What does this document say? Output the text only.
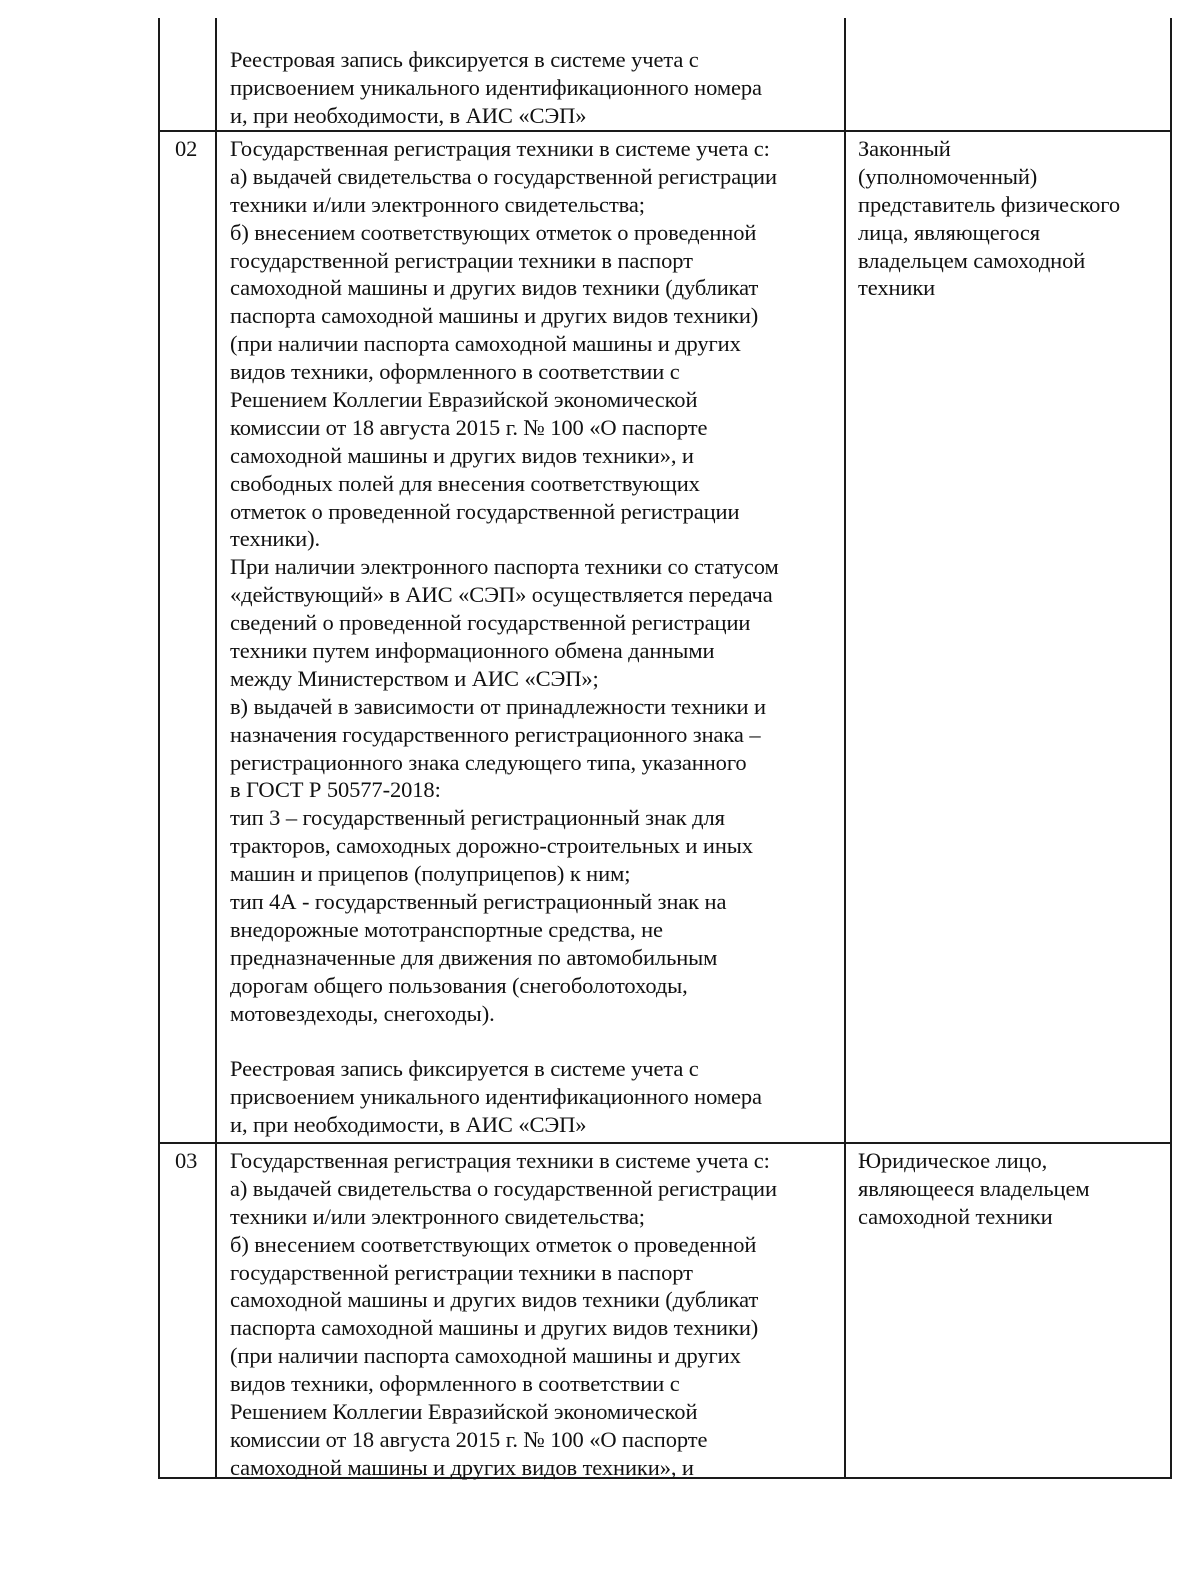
Реестровая запись фиксируется в системе учета с
присвоением уникального идентификационного номера
и, при необходимости, в АИС «СЭП»
02	Государственная регистрация техники в системе учета с:
а) выдачей свидетельства о государственной регистрации
техники и/или электронного свидетельства;
б) внесением соответствующих отметок о проведенной
государственной регистрации техники в паспорт
самоходной машины и других видов техники (дубликат
паспорта самоходной машины и других видов техники)
(при наличии паспорта самоходной машины и других
видов техники, оформленного в соответствии с
Решением Коллегии Евразийской экономической
комиссии от 18 августа 2015 г. № 100 «О паспорте
самоходной машины и других видов техники», и
свободных полей для внесения соответствующих
отметок о проведенной государственной регистрации
техники).
При наличии электронного паспорта техники со статусом
«действующий» в АИС «СЭП» осуществляется передача
сведений о проведенной государственной регистрации
техники путем информационного обмена данными
между Министерством и АИС «СЭП»;
в) выдачей в зависимости от принадлежности техники и
назначения государственного регистрационного знака –
регистрационного знака следующего типа, указанного
в ГОСТ Р 50577-2018:
тип 3 – государственный регистрационный знак для
тракторов, самоходных дорожно-строительных и иных
машин и прицепов (полуприцепов) к ним;
тип 4А - государственный регистрационный знак на
внедорожные мототранспортные средства, не
предназначенные для движения по автомобильным
дорогам общего пользования (снегоболотоходы,
мотовездеходы, снегоходы).

Реестровая запись фиксируется в системе учета с
присвоением уникального идентификационного номера
и, при необходимости, в АИС «СЭП»
Законный
(уполномоченный)
представитель физического
лица, являющегося
владельцем самоходной
техники
03	Государственная регистрация техники в системе учета с:
а) выдачей свидетельства о государственной регистрации
техники и/или электронного свидетельства;
б) внесением соответствующих отметок о проведенной
государственной регистрации техники в паспорт
самоходной машины и других видов техники (дубликат
паспорта самоходной машины и других видов техники)
(при наличии паспорта самоходной машины и других
видов техники, оформленного в соответствии с
Решением Коллегии Евразийской экономической
комиссии от 18 августа 2015 г. № 100 «О паспорте
самоходной машины и других видов техники», и
Юридическое лицо,
являющееся владельцем
самоходной техники
